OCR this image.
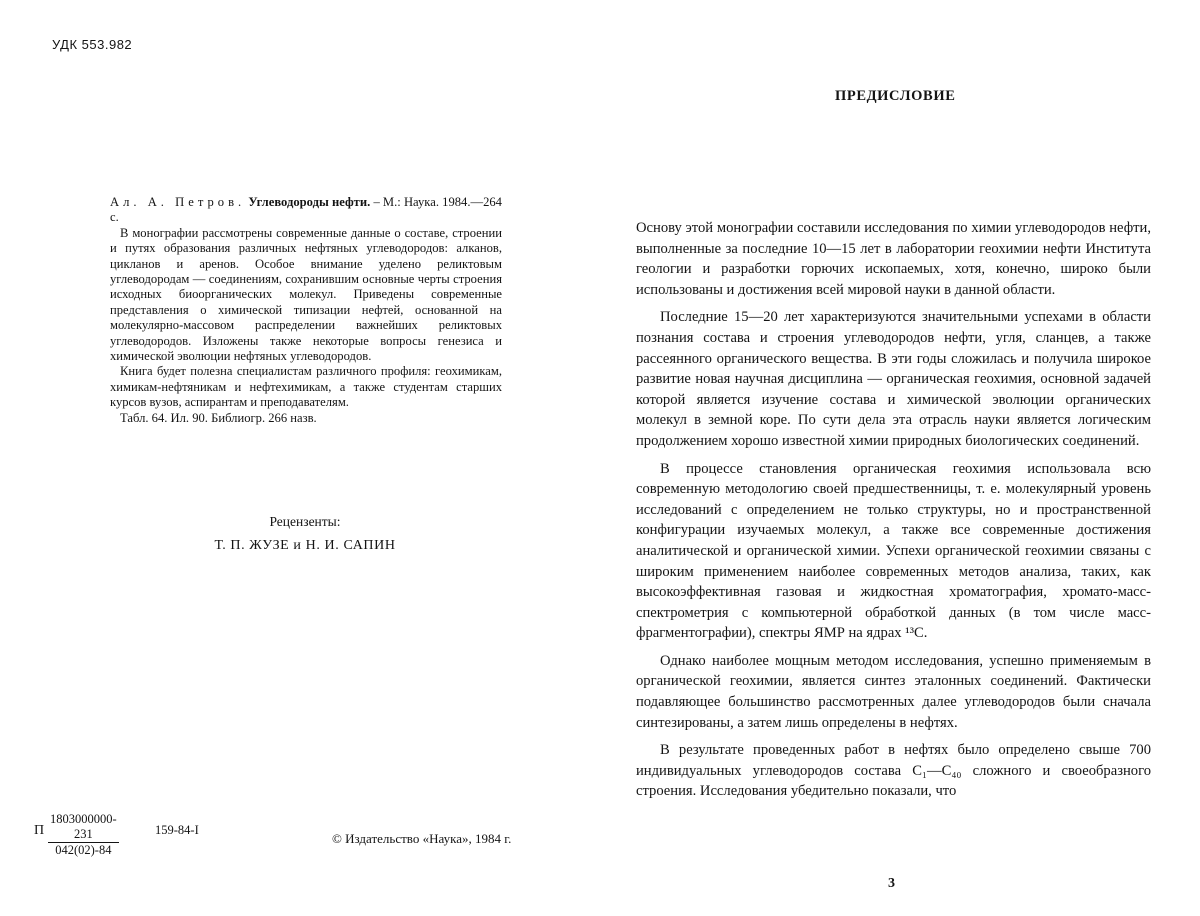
УДК 553.982

Ал. А. Петров. Углеводороды нефти. – М.: Наука. 1984.—264 с.

В монографии рассмотрены современные данные о составе, строении и путях образования различных нефтяных углеводородов: алканов, цикланов и аренов. Особое внимание уделено реликтовым углеводородам — соединениям, сохранившим основные черты строения исходных биоорганических молекул. Приведены современные представления о химической типизации нефтей, основанной на молекулярно-массовом распределении важнейших реликтовых углеводородов. Изложены также некоторые вопросы генезиса и химической эволюции нефтяных углеводородов.

Книга будет полезна специалистам различного профиля: геохимикам, химикам-нефтяникам и нефтехимикам, а также студентам старших курсов вузов, аспирантам и преподавателям.

Табл. 64. Ил. 90. Библиогр. 266 назв.

Рецензенты:
Т. П. ЖУЗЕ и Н. И. САПИН
П $\frac{1803000000-231}{042(02)-84}$	159-84-I
© Издательство «Наука», 1984 г.
ПРЕДИСЛОВИЕ

Основу этой монографии составили исследования по химии углеводородов нефти, выполненные за последние 10—15 лет в лаборатории геохимии нефти Института геологии и разработки горючих ископаемых, хотя, конечно, широко были использованы и достижения всей мировой науки в данной области.

Последние 15—20 лет характеризуются значительными успехами в области познания состава и строения углеводородов нефти, угля, сланцев, а также рассеянного органического вещества. В эти годы сложилась и получила широкое развитие новая научная дисциплина — органическая геохимия, основной задачей которой является изучение состава и химической эволюции органических молекул в земной коре. По сути дела эта отрасль науки является логическим продолжением хорошо известной химии природных биологических соединений.

В процессе становления органическая геохимия использовала всю современную методологию своей предшественницы, т. е. молекулярный уровень исследований с определением не только структуры, но и пространственной конфигурации изучаемых молекул, а также все современные достижения аналитической и органической химии. Успехи органической геохимии связаны с широким применением наиболее современных методов анализа, таких, как высокоэффективная газовая и жидкостная хроматография, хромато-масс-спектрометрия с компьютерной обработкой данных (в том числе масс-фрагментографии), спектры ЯМР на ядрах ¹³С.

Однако наиболее мощным методом исследования, успешно применяемым в органической геохимии, является синтез эталонных соединений. Фактически подавляющее большинство рассмотренных далее углеводородов были сначала синтезированы, а затем лишь определены в нефтях.

В результате проведенных работ в нефтях было определено свыше 700 индивидуальных углеводородов состава С₁—С₄₀ сложного и своеобразного строения. Исследования убедительно показали, что

3
